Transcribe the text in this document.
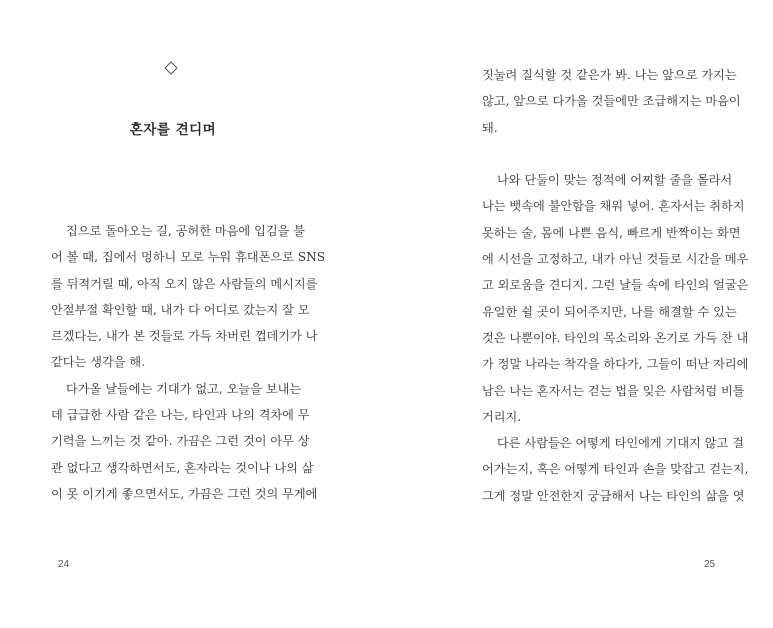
혼자를 견디며
집으로 돌아오는 길, 공허한 마음에 입김을 불
어 볼 때, 집에서 멍하니 모로 누워 휴대폰으로 SNS
를 뒤적거릴 때, 아직 오지 않은 사람들의 메시지를
안절부절 확인할 때, 내가 다 어디로 갔는지 잘 모
르겠다는, 내가 본 것들로 가득 차버린 껍데기가 나
같다는 생각을 해.
다가올 날들에는 기대가 없고, 오늘을 보내는
데 급급한 사람 같은 나는, 타인과 나의 격차에 무
기력을 느끼는 것 같아. 가끔은 그런 것이 아무 상
관 없다고 생각하면서도, 혼자라는 것이나 나의 삶
이 못 이기게 좋으면서도, 가끔은 그런 것의 무게에
24
짓눌려 질식할 것 같은가 봐. 나는 앞으로 가지는
않고, 앞으로 다가올 것들에만 조급해지는 마음이
돼.
나와 단둘이 맞는 정적에 어찌할 줄을 몰라서
나는 뱃속에 불안함을 채워 넣어. 혼자서는 취하지
못하는 술, 몸에 나쁜 음식, 빠르게 반짝이는 화면
에 시선을 고정하고, 내가 아닌 것들로 시간을 메우
고 외로움을 견디지. 그런 날들 속에 타인의 얼굴은
유일한 쉴 곳이 되어주지만, 나를 해결할 수 있는
것은 나뿐이야. 타인의 목소리와 온기로 가득 찬 내
가 정말 나라는 착각을 하다가, 그들이 떠난 자리에
남은 나는 혼자서는 걷는 법을 잊은 사람처럼 비틀
거리지.
다른 사람들은 어떻게 타인에게 기대지 않고 걸
어가는지, 혹은 어떻게 타인과 손을 맞잡고 걷는지,
그게 정말 안전한지 궁금해서 나는 타인의 삶을 엿
25
